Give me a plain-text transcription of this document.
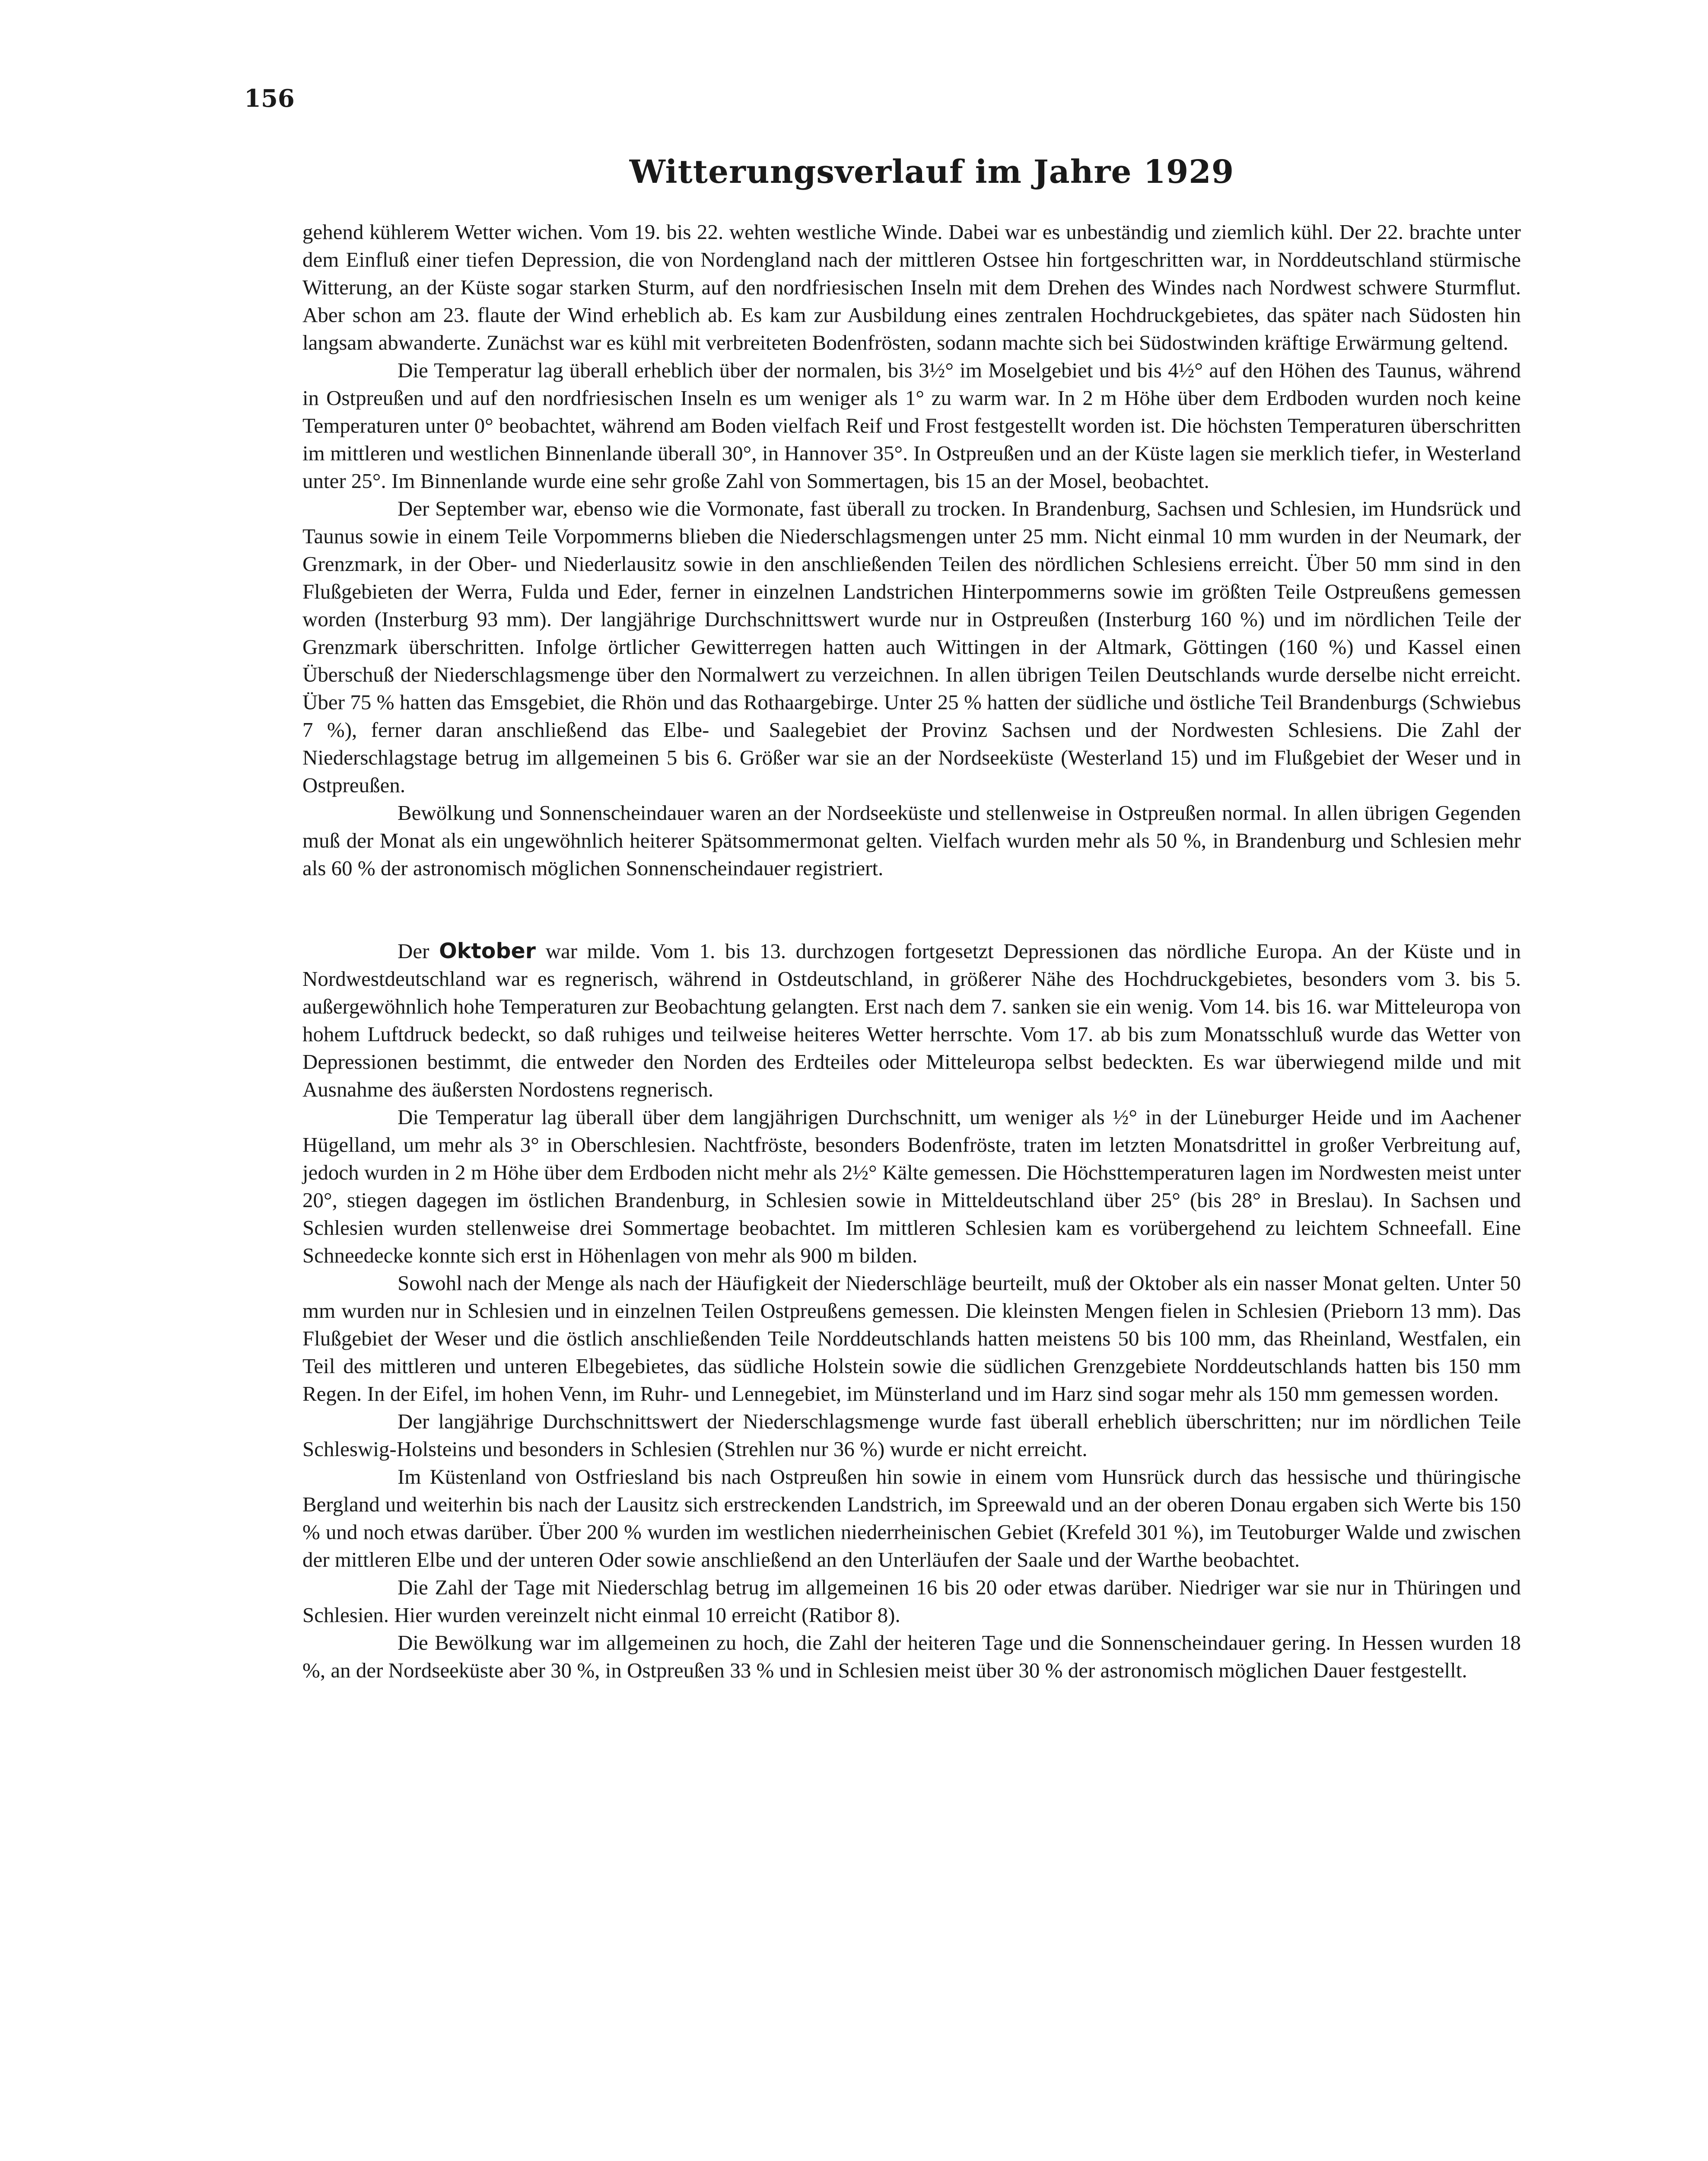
156
Witterungsverlauf im Jahre 1929

gehend kühlerem Wetter wichen. Vom 19. bis 22. wehten westliche Winde. Dabei war es unbeständig und ziemlich kühl. Der 22. brachte unter dem Einfluß einer tiefen Depression, die von Nordengland nach der mittleren Ostsee hin fortgeschritten war, in Norddeutschland stürmische Witterung, an der Küste sogar starken Sturm, auf den nordfriesischen Inseln mit dem Drehen des Windes nach Nordwest schwere Sturmflut. Aber schon am 23. flaute der Wind erheblich ab. Es kam zur Ausbildung eines zentralen Hochdruckgebietes, das später nach Südosten hin langsam abwanderte. Zunächst war es kühl mit verbreiteten Bodenfrösten, sodann machte sich bei Südostwinden kräftige Erwärmung geltend.

Die Temperatur lag überall erheblich über der normalen, bis 3½° im Moselgebiet und bis 4½° auf den Höhen des Taunus, während in Ostpreußen und auf den nordfriesischen Inseln es um weniger als 1° zu warm war. In 2 m Höhe über dem Erdboden wurden noch keine Temperaturen unter 0° beobachtet, während am Boden vielfach Reif und Frost festgestellt worden ist. Die höchsten Temperaturen überschritten im mittleren und westlichen Binnenlande überall 30°, in Hannover 35°. In Ostpreußen und an der Küste lagen sie merklich tiefer, in Westerland unter 25°. Im Binnenlande wurde eine sehr große Zahl von Sommertagen, bis 15 an der Mosel, beobachtet.

Der September war, ebenso wie die Vormonate, fast überall zu trocken. In Brandenburg, Sachsen und Schlesien, im Hundsrück und Taunus sowie in einem Teile Vorpommerns blieben die Niederschlagsmengen unter 25 mm. Nicht einmal 10 mm wurden in der Neumark, der Grenzmark, in der Ober- und Niederlausitz sowie in den anschließenden Teilen des nördlichen Schlesiens erreicht. Über 50 mm sind in den Flußgebieten der Werra, Fulda und Eder, ferner in einzelnen Landstrichen Hinterpommerns sowie im größten Teile Ostpreußens gemessen worden (Insterburg 93 mm). Der langjährige Durchschnittswert wurde nur in Ostpreußen (Insterburg 160 %) und im nördlichen Teile der Grenzmark überschritten. Infolge örtlicher Gewitterregen hatten auch Wittingen in der Altmark, Göttingen (160 %) und Kassel einen Überschuß der Niederschlagsmenge über den Normalwert zu verzeichnen. In allen übrigen Teilen Deutschlands wurde derselbe nicht erreicht. Über 75 % hatten das Emsgebiet, die Rhön und das Rothaargebirge. Unter 25 % hatten der südliche und östliche Teil Brandenburgs (Schwiebus 7 %), ferner daran anschließend das Elbe- und Saalegebiet der Provinz Sachsen und der Nordwesten Schlesiens. Die Zahl der Niederschlagstage betrug im allgemeinen 5 bis 6. Größer war sie an der Nordseeküste (Westerland 15) und im Flußgebiet der Weser und in Ostpreußen.

Bewölkung und Sonnenscheindauer waren an der Nordseeküste und stellenweise in Ostpreußen normal. In allen übrigen Gegenden muß der Monat als ein ungewöhnlich heiterer Spätsommermonat gelten. Vielfach wurden mehr als 50 %, in Brandenburg und Schlesien mehr als 60 % der astronomisch möglichen Sonnenscheindauer registriert.

Der Oktober war milde. Vom 1. bis 13. durchzogen fortgesetzt Depressionen das nördliche Europa. An der Küste und in Nordwestdeutschland war es regnerisch, während in Ostdeutschland, in größerer Nähe des Hochdruckgebietes, besonders vom 3. bis 5. außergewöhnlich hohe Temperaturen zur Beobachtung gelangten. Erst nach dem 7. sanken sie ein wenig. Vom 14. bis 16. war Mitteleuropa von hohem Luftdruck bedeckt, so daß ruhiges und teilweise heiteres Wetter herrschte. Vom 17. ab bis zum Monatsschluß wurde das Wetter von Depressionen bestimmt, die entweder den Norden des Erdteiles oder Mitteleuropa selbst bedeckten. Es war überwiegend milde und mit Ausnahme des äußersten Nordostens regnerisch.

Die Temperatur lag überall über dem langjährigen Durchschnitt, um weniger als ½° in der Lüneburger Heide und im Aachener Hügelland, um mehr als 3° in Oberschlesien. Nachtfröste, besonders Bodenfröste, traten im letzten Monatsdrittel in großer Verbreitung auf, jedoch wurden in 2 m Höhe über dem Erdboden nicht mehr als 2½° Kälte gemessen. Die Höchsttemperaturen lagen im Nordwesten meist unter 20°, stiegen dagegen im östlichen Brandenburg, in Schlesien sowie in Mitteldeutschland über 25° (bis 28° in Breslau). In Sachsen und Schlesien wurden stellenweise drei Sommertage beobachtet. Im mittleren Schlesien kam es vorübergehend zu leichtem Schneefall. Eine Schneedecke konnte sich erst in Höhenlagen von mehr als 900 m bilden.

Sowohl nach der Menge als nach der Häufigkeit der Niederschläge beurteilt, muß der Oktober als ein nasser Monat gelten. Unter 50 mm wurden nur in Schlesien und in einzelnen Teilen Ostpreußens gemessen. Die kleinsten Mengen fielen in Schlesien (Prieborn 13 mm). Das Flußgebiet der Weser und die östlich anschließenden Teile Norddeutschlands hatten meistens 50 bis 100 mm, das Rheinland, Westfalen, ein Teil des mittleren und unteren Elbegebietes, das südliche Holstein sowie die südlichen Grenzgebiete Norddeutschlands hatten bis 150 mm Regen. In der Eifel, im hohen Venn, im Ruhr- und Lennegebiet, im Münsterland und im Harz sind sogar mehr als 150 mm gemessen worden.

Der langjährige Durchschnittswert der Niederschlagsmenge wurde fast überall erheblich überschritten; nur im nördlichen Teile Schleswig-Holsteins und besonders in Schlesien (Strehlen nur 36 %) wurde er nicht erreicht.

Im Küstenland von Ostfriesland bis nach Ostpreußen hin sowie in einem vom Hunsrück durch das hessische und thüringische Bergland und weiterhin bis nach der Lausitz sich erstreckenden Landstrich, im Spreewald und an der oberen Donau ergaben sich Werte bis 150 % und noch etwas darüber. Über 200 % wurden im westlichen niederrheinischen Gebiet (Krefeld 301 %), im Teutoburger Walde und zwischen der mittleren Elbe und der unteren Oder sowie anschließend an den Unterläufen der Saale und der Warthe beobachtet.

Die Zahl der Tage mit Niederschlag betrug im allgemeinen 16 bis 20 oder etwas darüber. Niedriger war sie nur in Thüringen und Schlesien. Hier wurden vereinzelt nicht einmal 10 erreicht (Ratibor 8).

Die Bewölkung war im allgemeinen zu hoch, die Zahl der heiteren Tage und die Sonnenscheindauer gering. In Hessen wurden 18 %, an der Nordseeküste aber 30 %, in Ostpreußen 33 % und in Schlesien meist über 30 % der astronomisch möglichen Dauer festgestellt.
